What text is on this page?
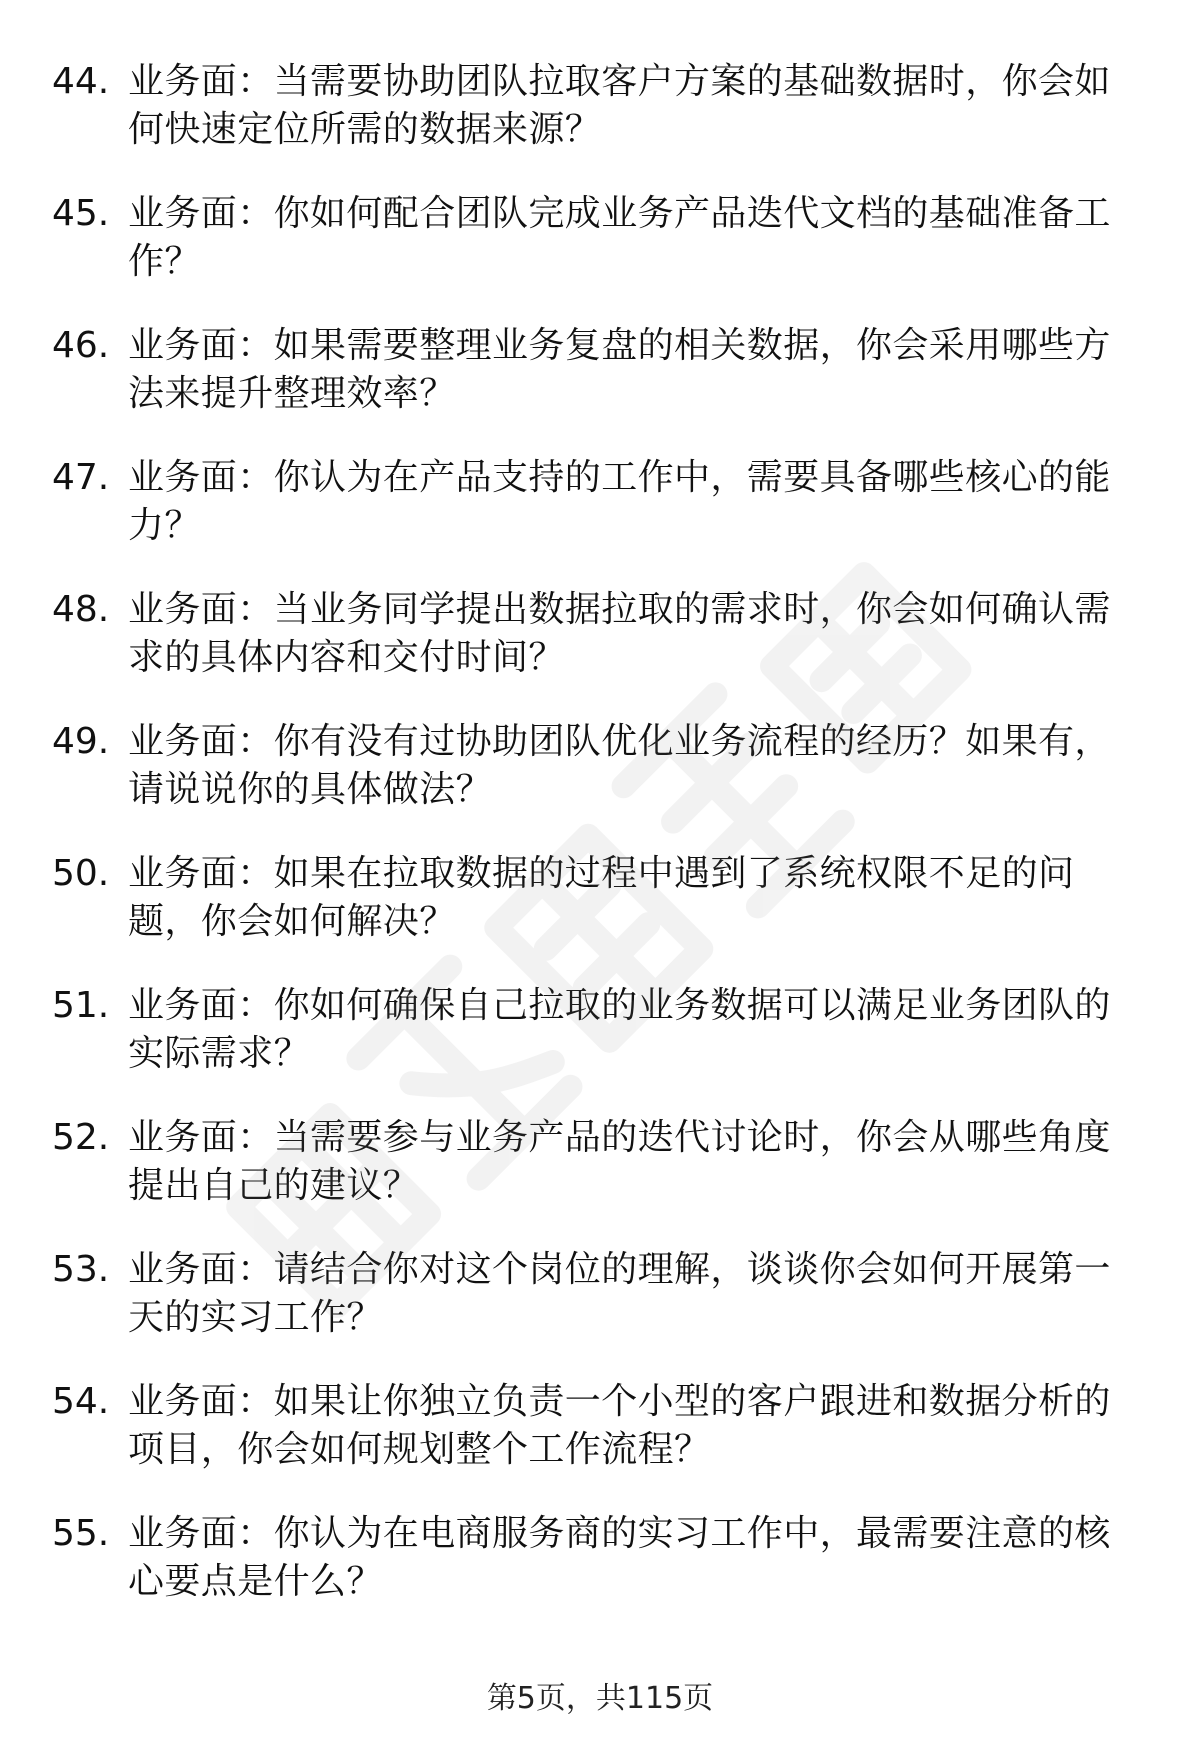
44. 业务面：当需要协助团队拉取客户方案的基础数据时，你会如何快速定位所需的数据来源？
45. 业务面：你如何配合团队完成业务产品迭代文档的基础准备工作？
46. 业务面：如果需要整理业务复盘的相关数据，你会采用哪些方法来提升整理效率？
47. 业务面：你认为在产品支持的工作中，需要具备哪些核心的能力？
48. 业务面：当业务同学提出数据拉取的需求时，你会如何确认需求的具体内容和交付时间？
49. 业务面：你有没有过协助团队优化业务流程的经历？如果有，请说说你的具体做法？
50. 业务面：如果在拉取数据的过程中遇到了系统权限不足的问题，你会如何解决？
51. 业务面：你如何确保自己拉取的业务数据可以满足业务团队的实际需求？
52. 业务面：当需要参与业务产品的迭代讨论时，你会从哪些角度提出自己的建议？
53. 业务面：请结合你对这个岗位的理解，谈谈你会如何开展第一天的实习工作？
54. 业务面：如果让你独立负责一个小型的客户跟进和数据分析的项目，你会如何规划整个工作流程？
55. 业务面：你认为在电商服务商的实习工作中，最需要注意的核心要点是什么？
第5页，共115页
